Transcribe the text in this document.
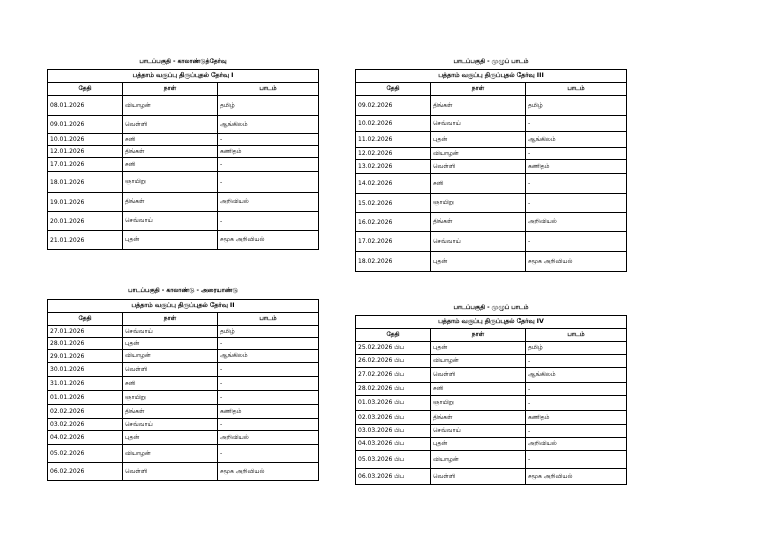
பாடப்பகுதி - காலாண்டுத்தேர்வு
பத்தாம் வகுப்பு திருப்புதல் தேர்வு I		
தேதி	நாள்	பாடம்
08.01.2026	வியாழன்	தமிழ்
09.01.2026	வெள்ளி	ஆங்கிலம்
10.01.2026	சனி	-
12.01.2026	திங்கள்	கணிதம்
17.01.2026	சனி	-
18.01.2026	ஞாயிறு	-
19.01.2026	திங்கள்	அறிவியல்
20.01.2026	செவ்வாய்	-
21.01.2026	புதன்	சமூக அறிவியல்
பாடப்பகுதி - முழுப் பாடம்
பத்தாம் வகுப்பு திருப்புதல் தேர்வு III		
தேதி	நாள்	பாடம்
09.02.2026	திங்கள்	தமிழ்
10.02.2026	செவ்வாய்	-
11.02.2026	புதன்	ஆங்கிலம்
12.02.2026	வியாழன்	-
13.02.2026	வெள்ளி	கணிதம்
14.02.2026	சனி	-
15.02.2026	ஞாயிறு	-
16.02.2026	திங்கள்	அறிவியல்
17.02.2026	செவ்வாய்	-
18.02.2026	புதன்	சமூக அறிவியல்
பாடப்பகுதி - காலாண்டு - அரையாண்டு
பத்தாம் வகுப்பு திருப்புதல் தேர்வு II		
தேதி	நாள்	பாடம்
27.01.2026	செவ்வாய்	தமிழ்
28.01.2026	புதன்	-
29.01.2026	வியாழன்	ஆங்கிலம்
30.01.2026	வெள்ளி	-
31.01.2026	சனி	-
01.01.2026	ஞாயிறு	-
02.02.2026	திங்கள்	கணிதம்
03.02.2026	செவ்வாய்	-
04.02.2026	புதன்	அறிவியல்
05.02.2026	வியாழன்	-
06.02.2026	வெள்ளி	சமூக அறிவியல்
பாடப்பகுதி - முழுப் பாடம்
பத்தாம் வகுப்பு திருப்புதல் தேர்வு IV		
தேதி	நாள்	பாடம்
25.02.2026 பிப	புதன்	தமிழ்
26.02.2026 பிப	வியாழன்	-
27.02.2026 பிப	வெள்ளி	ஆங்கிலம்
28.02.2026 பிப	சனி	-
01.03.2026 பிப	ஞாயிறு	-
02.03.2026 பிப	திங்கள்	கணிதம்
03.03.2026 பிப	செவ்வாய்	-
04.03.2026 பிப	புதன்	அறிவியல்
05.03.2026 பிப	வியாழன்	-
06.03.2026 பிப	வெள்ளி	சமூக அறிவியல்
